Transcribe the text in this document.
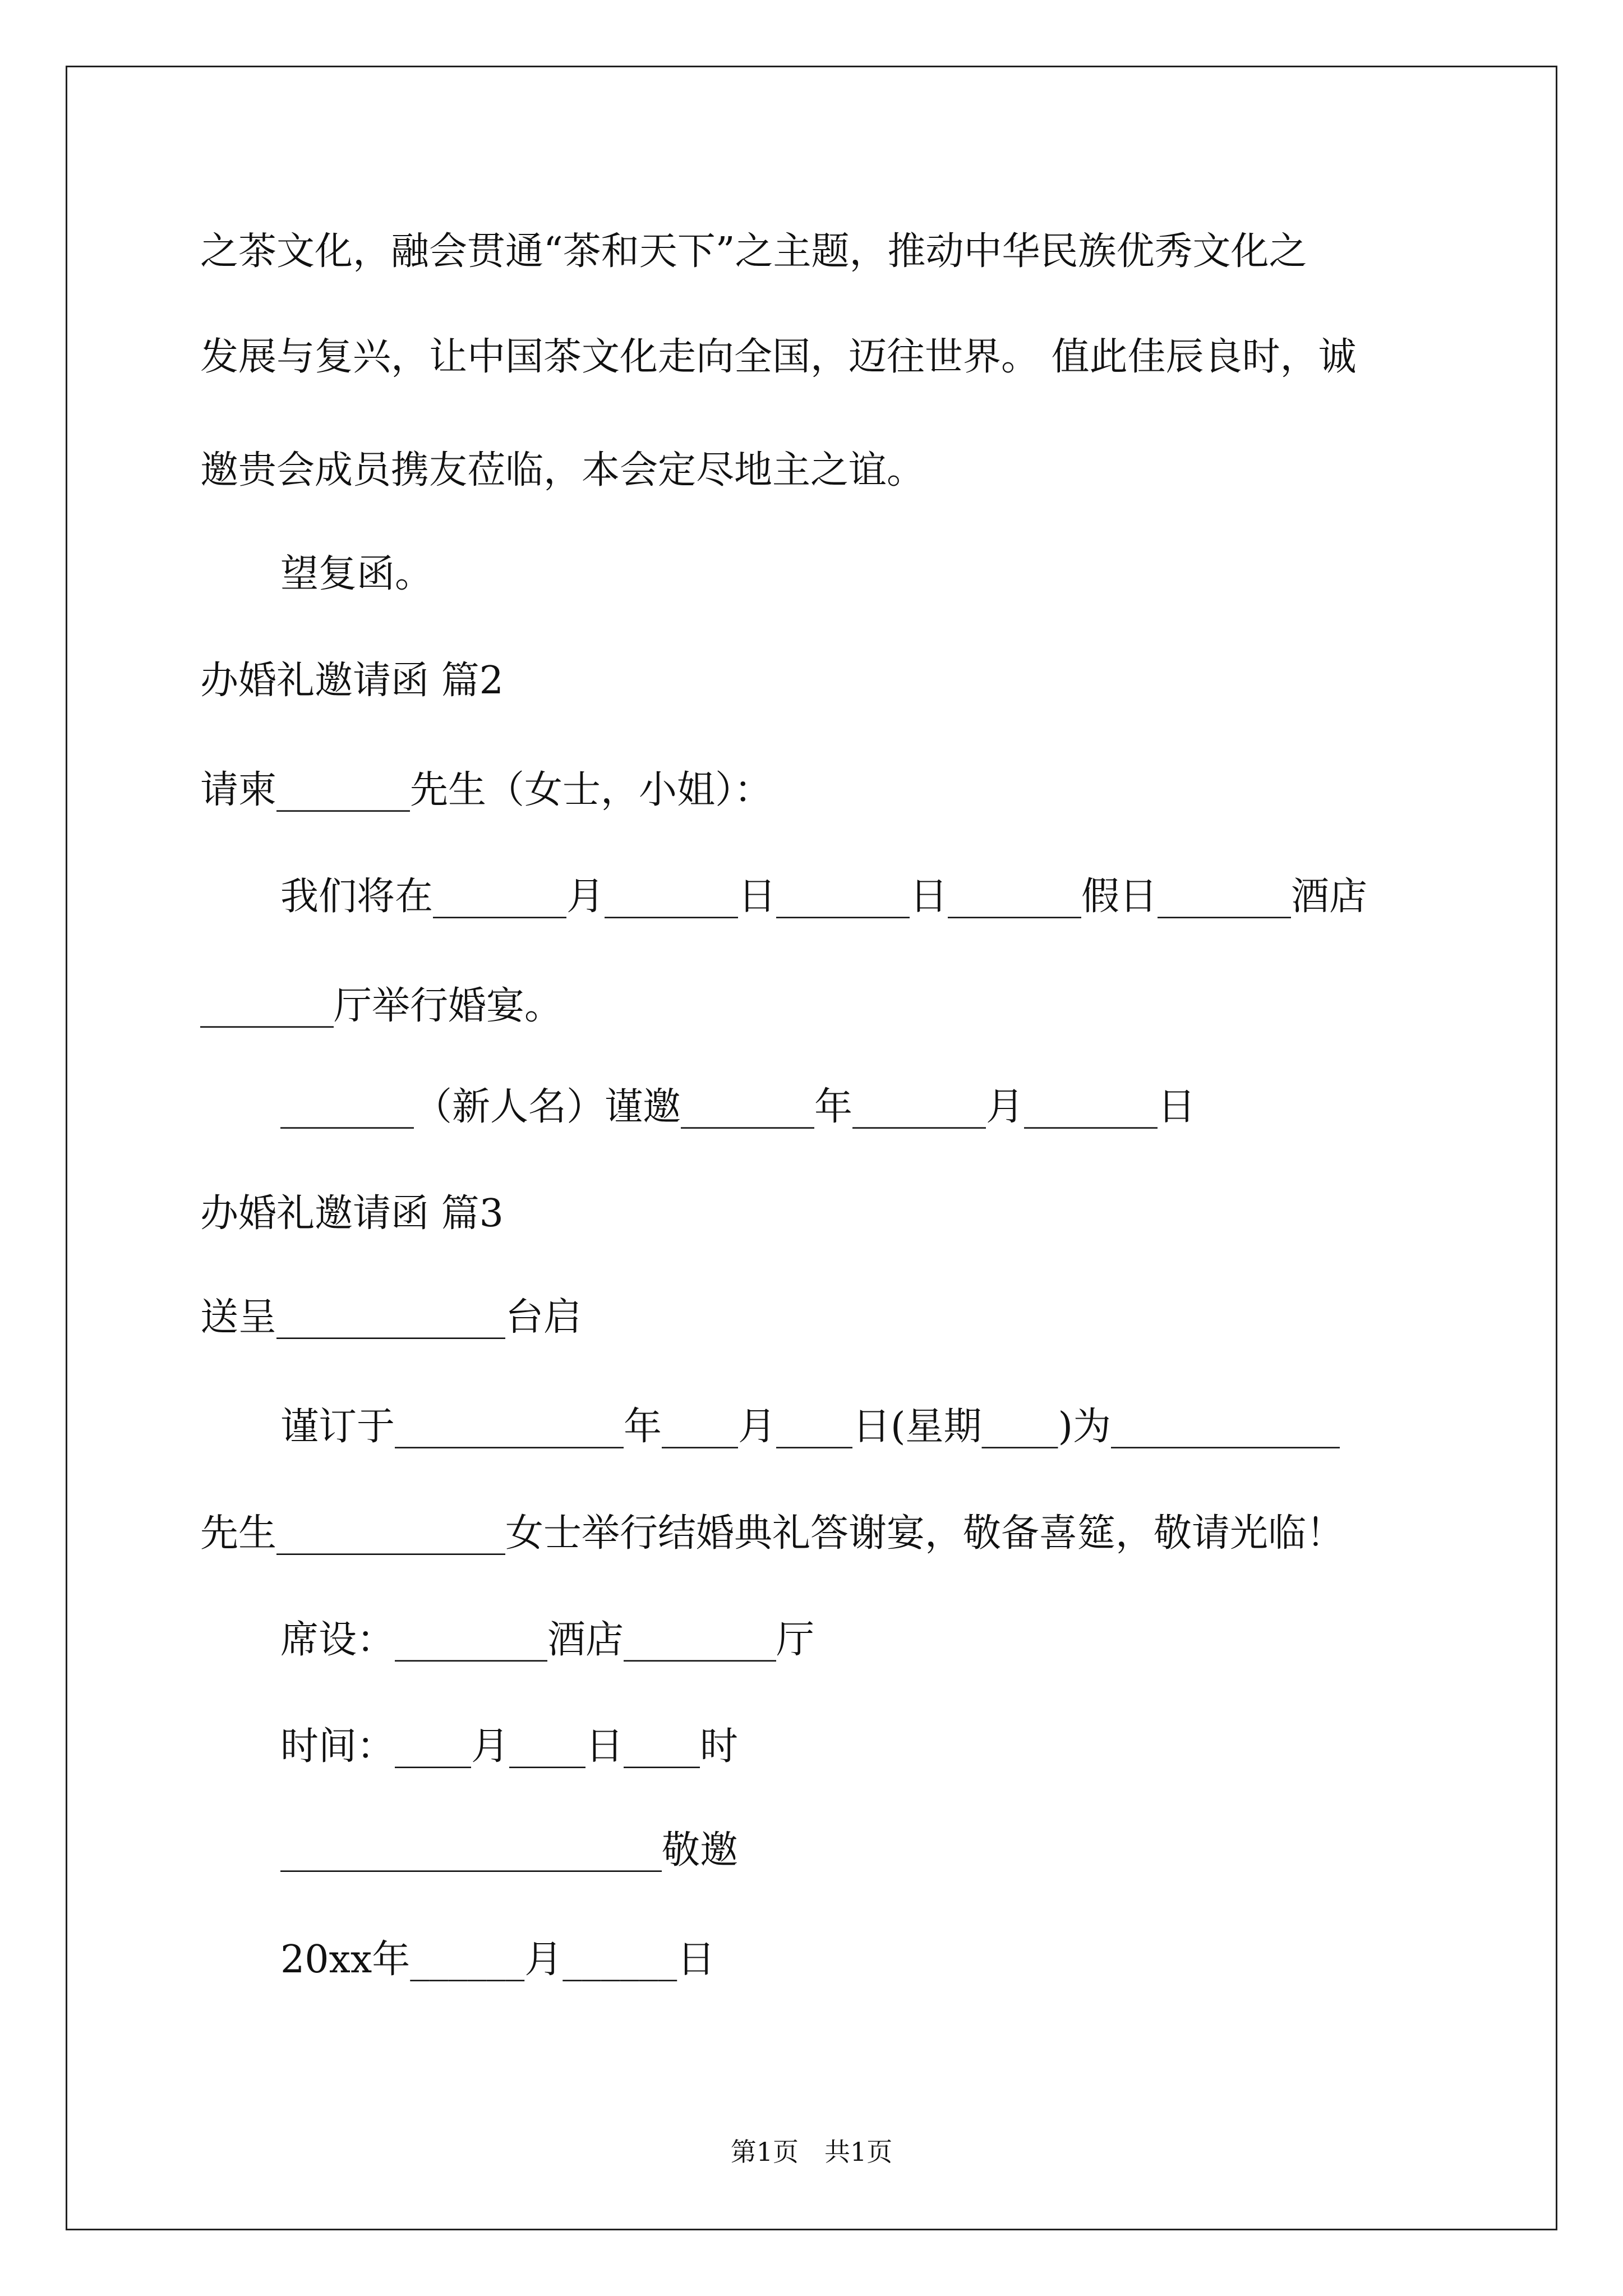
之茶文化，融会贯通“茶和天下”之主题，推动中华民族优秀文化之
发展与复兴，让中国茶文化走向全国，迈往世界。 值此佳辰良时，诚
邀贵会成员携友莅临，本会定尽地主之谊。
望复函。
办婚礼邀请函 篇2
请柬_______先生（女士，小姐）：
我们将在_______月_______日_______日_______假日_______酒店
_______厅举行婚宴。
_______（新人名）谨邀_______年_______月_______日
办婚礼邀请函 篇3
送呈____________台启
谨订于____________年____月____日(星期____)为____________
先生____________女士举行结婚典礼答谢宴，敬备喜筵，敬请光临！
席设：________酒店________厅
时间：____月____日____时
____________________敬邀
20xx年______月______日
第1页　共1页
